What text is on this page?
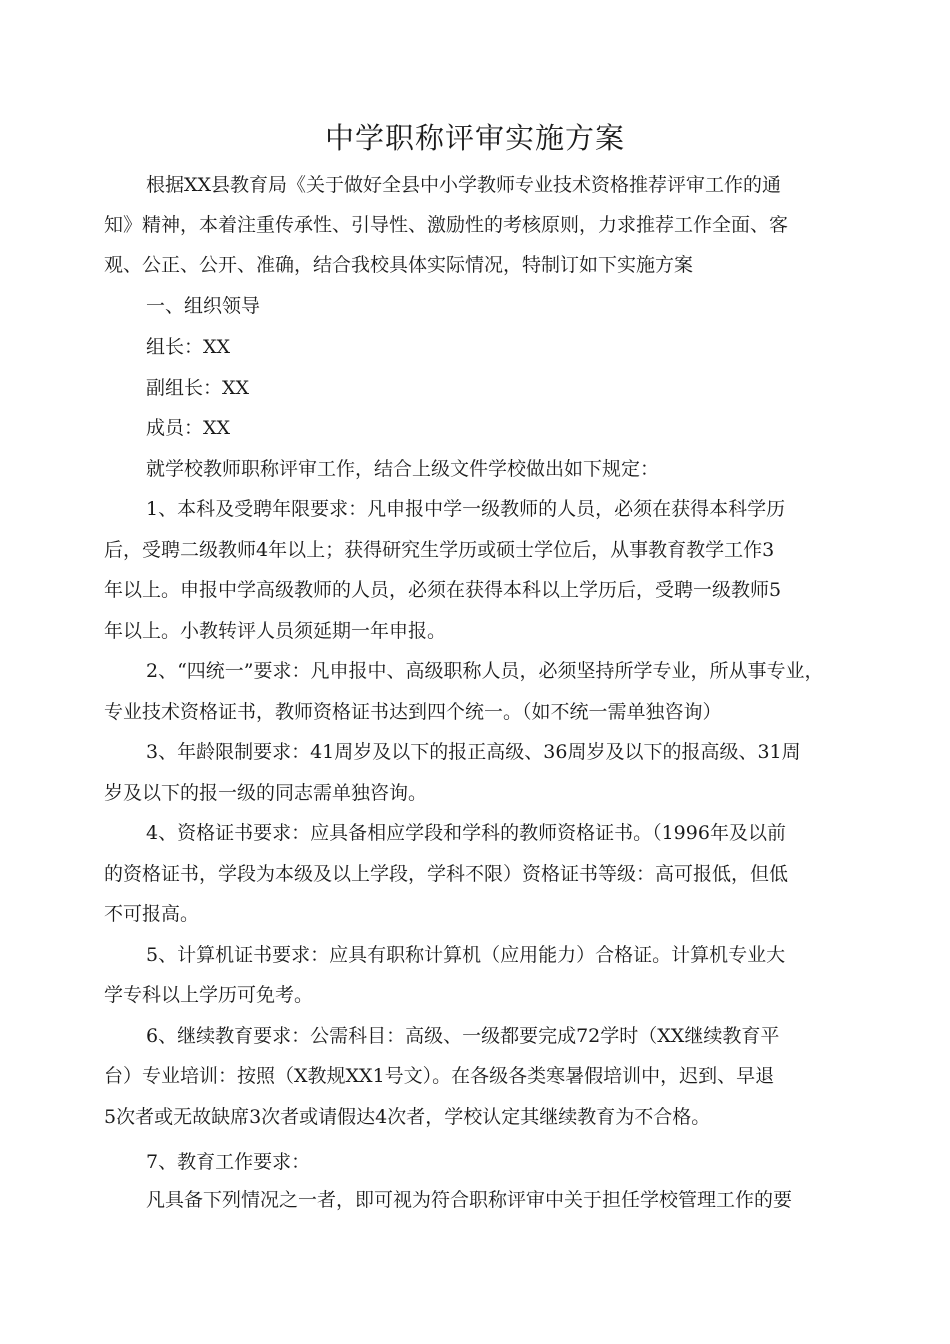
中学职称评审实施方案
根据XX县教育局《关于做好全县中小学教师专业技术资格推荐评审工作的通
知》精神，本着注重传承性、引导性、激励性的考核原则，力求推荐工作全面、客
观、公正、公开、准确，结合我校具体实际情况，特制订如下实施方案
一、组织领导
组长：XX
副组长：XX
成员：XX
就学校教师职称评审工作，结合上级文件学校做出如下规定：
1、本科及受聘年限要求：凡申报中学一级教师的人员，必须在获得本科学历
后，受聘二级教师4年以上；获得研究生学历或硕士学位后，从事教育教学工作3
年以上。申报中学高级教师的人员，必须在获得本科以上学历后，受聘一级教师5
年以上。小教转评人员须延期一年申报。
2、“四统一”要求：凡申报中、高级职称人员，必须坚持所学专业，所从事专业，
专业技术资格证书，教师资格证书达到四个统一。（如不统一需单独咨询）
3、年龄限制要求：41周岁及以下的报正高级、36周岁及以下的报高级、31周
岁及以下的报一级的同志需单独咨询。
4、资格证书要求：应具备相应学段和学科的教师资格证书。（1996年及以前
的资格证书，学段为本级及以上学段，学科不限）资格证书等级：高可报低，但低
不可报高。
5、计算机证书要求：应具有职称计算机（应用能力）合格证。计算机专业大
学专科以上学历可免考。
6、继续教育要求：公需科目：高级、一级都要完成72学时（XX继续教育平
台）专业培训：按照（X教规XX1号文）。在各级各类寒暑假培训中，迟到、早退
5次者或无故缺席3次者或请假达4次者，学校认定其继续教育为不合格。
7、教育工作要求：
凡具备下列情况之一者，即可视为符合职称评审中关于担任学校管理工作的要
